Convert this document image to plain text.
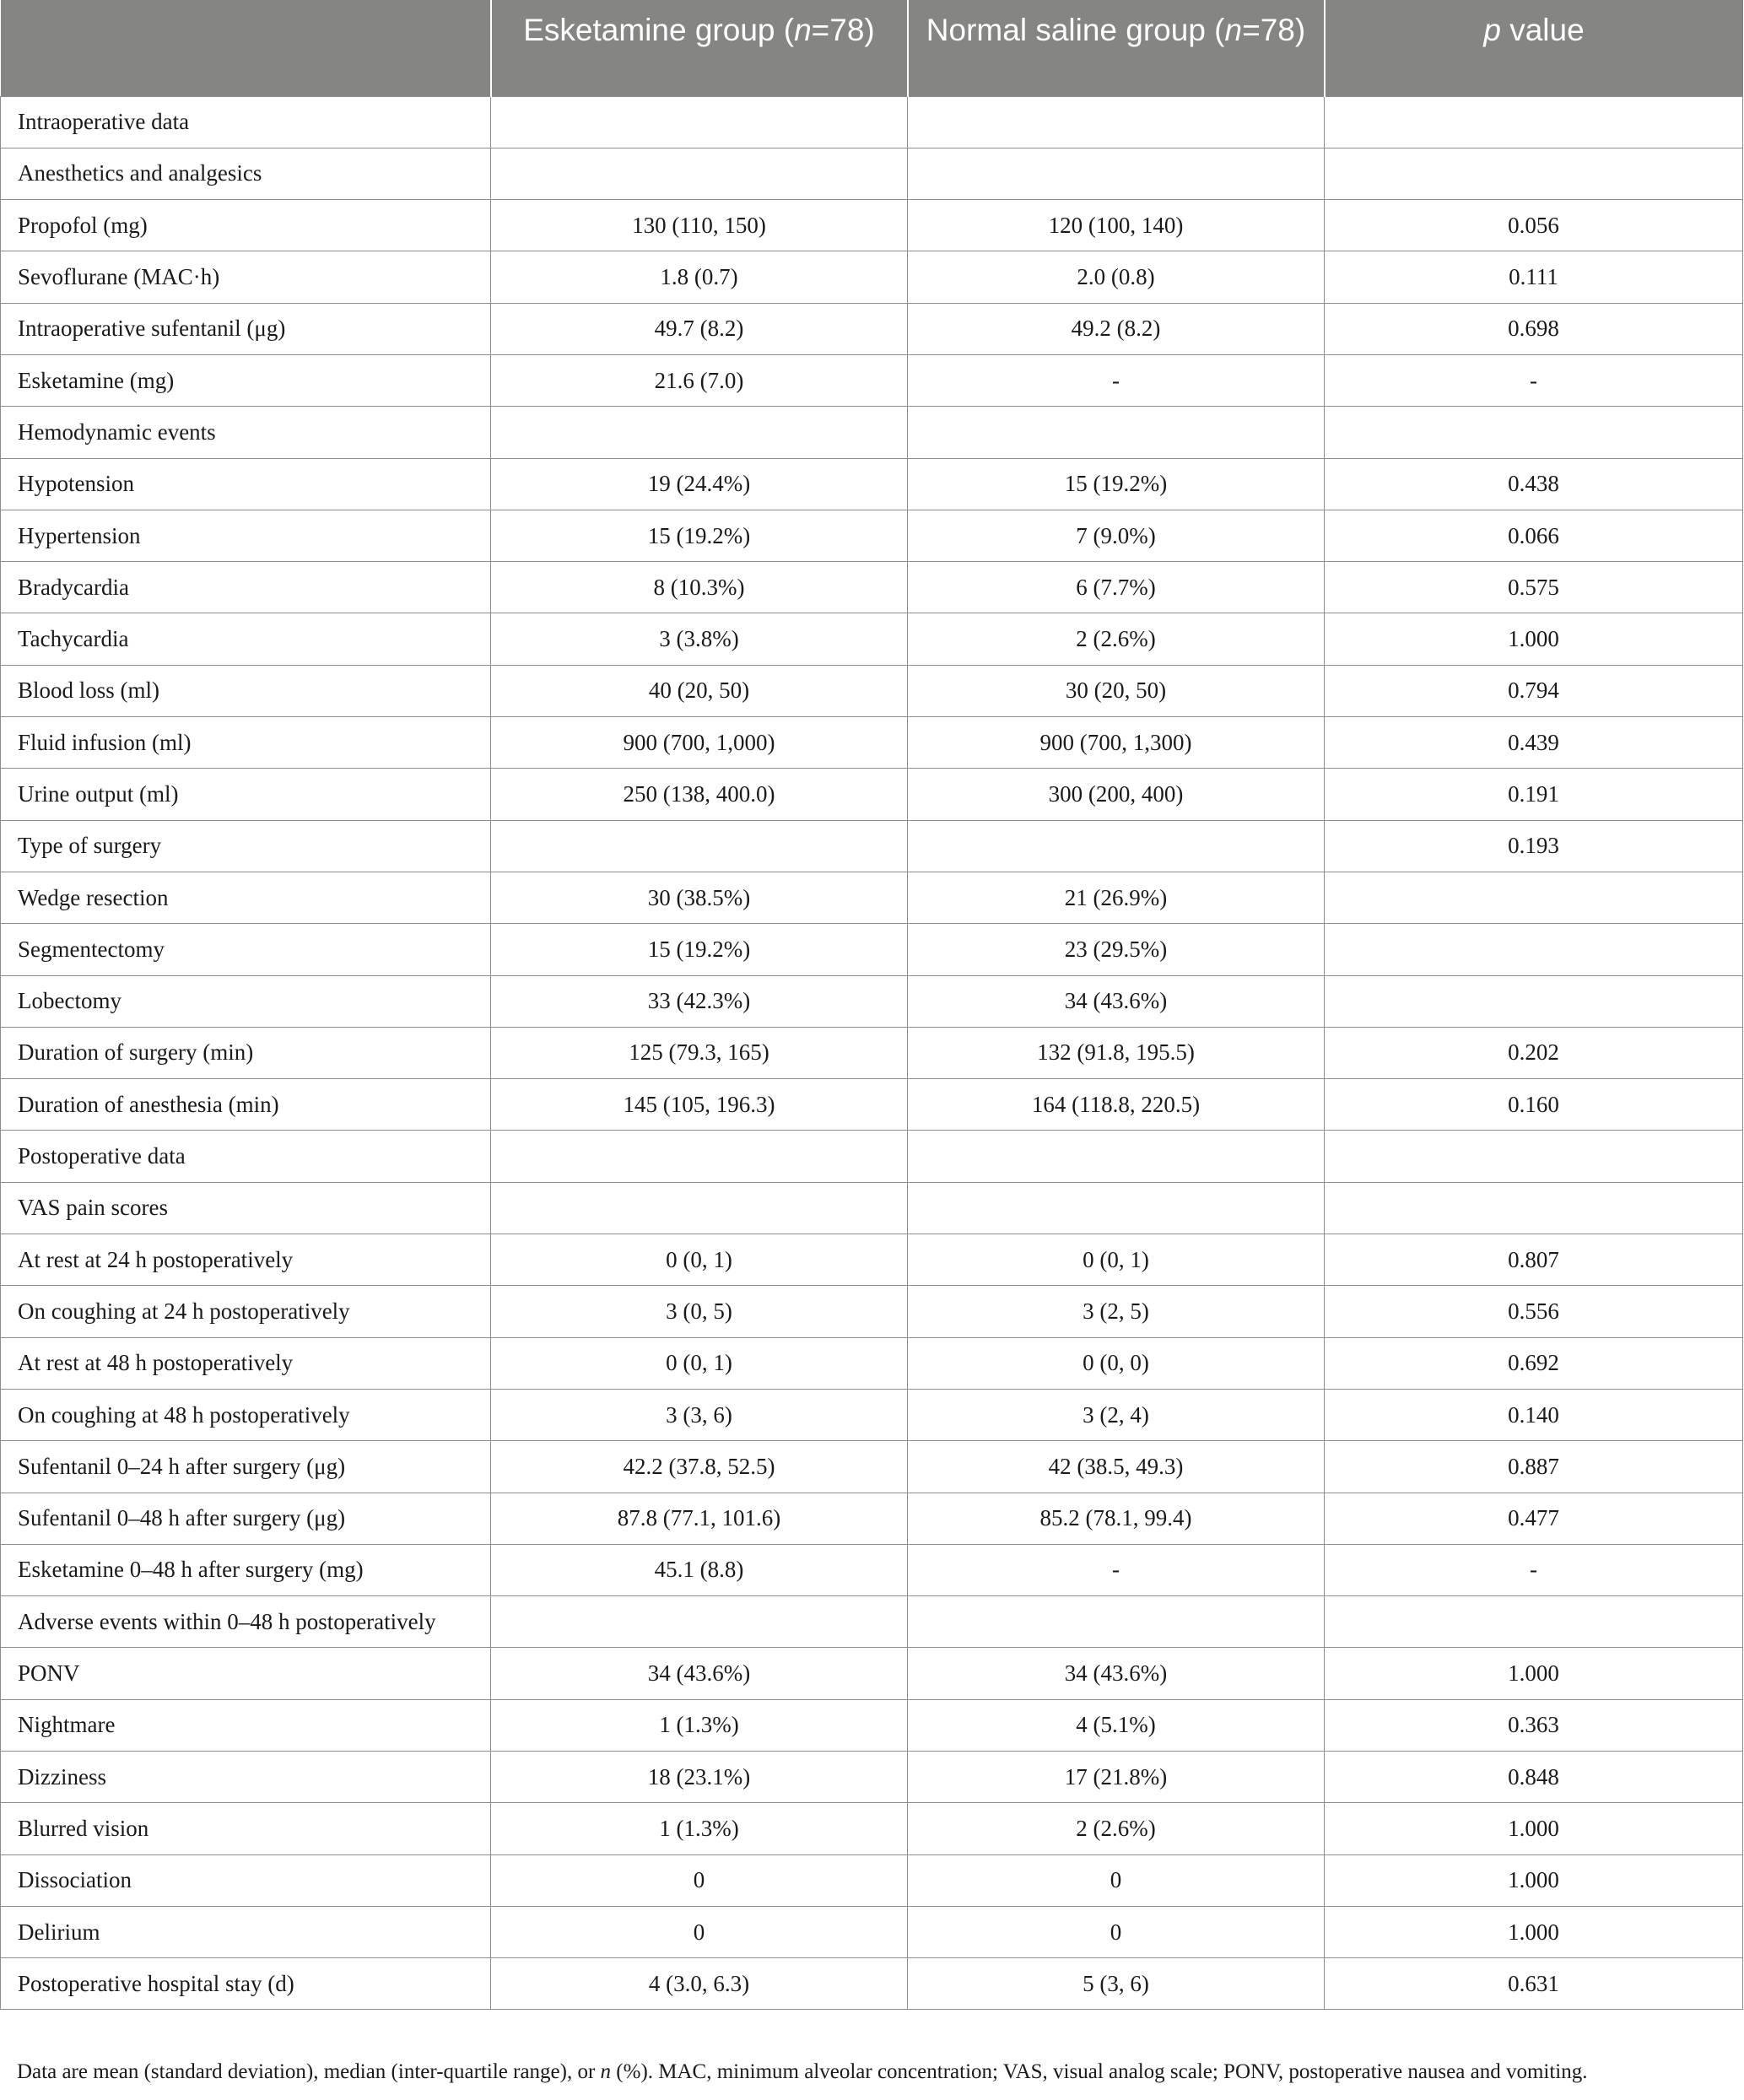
	Esketamine group (n=78)	Normal saline group (n=78)	p value
Intraoperative data			
Anesthetics and analgesics			
Propofol (mg)	130 (110, 150)	120 (100, 140)	0.056
Sevoflurane (MAC·h)	1.8 (0.7)	2.0 (0.8)	0.111
Intraoperative sufentanil (μg)	49.7 (8.2)	49.2 (8.2)	0.698
Esketamine (mg)	21.6 (7.0)	-	-
Hemodynamic events			
Hypotension	19 (24.4%)	15 (19.2%)	0.438
Hypertension	15 (19.2%)	7 (9.0%)	0.066
Bradycardia	8 (10.3%)	6 (7.7%)	0.575
Tachycardia	3 (3.8%)	2 (2.6%)	1.000
Blood loss (ml)	40 (20, 50)	30 (20, 50)	0.794
Fluid infusion (ml)	900 (700, 1,000)	900 (700, 1,300)	0.439
Urine output (ml)	250 (138, 400.0)	300 (200, 400)	0.191
Type of surgery			0.193
Wedge resection	30 (38.5%)	21 (26.9%)	
Segmentectomy	15 (19.2%)	23 (29.5%)	
Lobectomy	33 (42.3%)	34 (43.6%)	
Duration of surgery (min)	125 (79.3, 165)	132 (91.8, 195.5)	0.202
Duration of anesthesia (min)	145 (105, 196.3)	164 (118.8, 220.5)	0.160
Postoperative data			
VAS pain scores			
At rest at 24 h postoperatively	0 (0, 1)	0 (0, 1)	0.807
On coughing at 24 h postoperatively	3 (0, 5)	3 (2, 5)	0.556
At rest at 48 h postoperatively	0 (0, 1)	0 (0, 0)	0.692
On coughing at 48 h postoperatively	3 (3, 6)	3 (2, 4)	0.140
Sufentanil 0–24 h after surgery (μg)	42.2 (37.8, 52.5)	42 (38.5, 49.3)	0.887
Sufentanil 0–48 h after surgery (μg)	87.8 (77.1, 101.6)	85.2 (78.1, 99.4)	0.477
Esketamine 0–48 h after surgery (mg)	45.1 (8.8)	-	-
Adverse events within 0–48 h postoperatively			
PONV	34 (43.6%)	34 (43.6%)	1.000
Nightmare	1 (1.3%)	4 (5.1%)	0.363
Dizziness	18 (23.1%)	17 (21.8%)	0.848
Blurred vision	1 (1.3%)	2 (2.6%)	1.000
Dissociation	0	0	1.000
Delirium	0	0	1.000
Postoperative hospital stay (d)	4 (3.0, 6.3)	5 (3, 6)	0.631
Data are mean (standard deviation), median (inter-quartile range), or n (%). MAC, minimum alveolar concentration; VAS, visual analog scale; PONV, postoperative nausea and vomiting.
